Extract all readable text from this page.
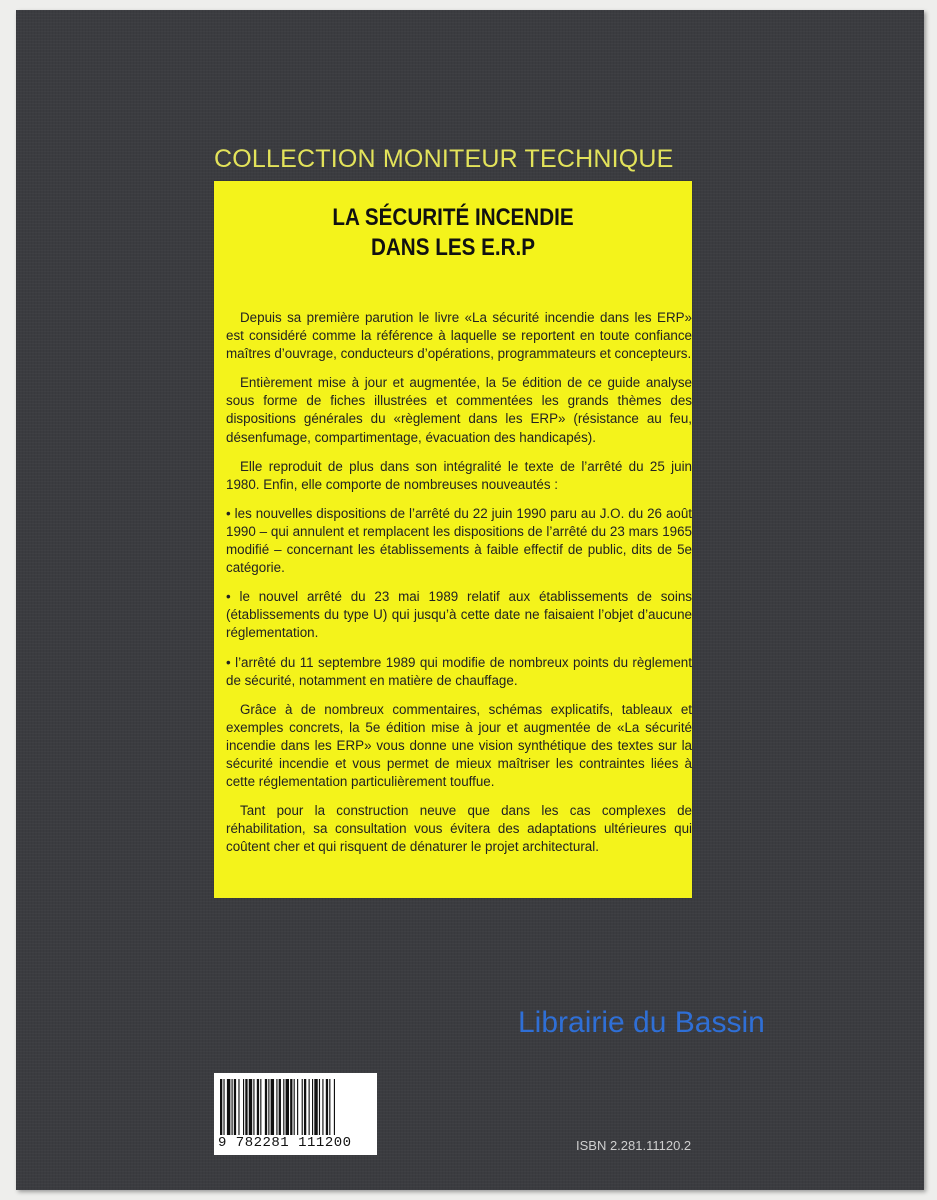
COLLECTION MONITEUR TECHNIQUE
LA SÉCURITÉ INCENDIE
DANS LES E.R.P

Depuis sa première parution le livre «La sécurité incendie dans les ERP» est considéré comme la référence à laquelle se reportent en toute confiance maîtres d’ouvrage, conducteurs d’opérations, programmateurs et concepteurs.

Entièrement mise à jour et augmentée, la 5e édition de ce guide analyse sous forme de fiches illustrées et commentées les grands thèmes des dispositions générales du «règlement dans les ERP» (résistance au feu, désenfumage, compartimentage, évacuation des handicapés).

Elle reproduit de plus dans son intégralité le texte de l’arrêté du 25 juin 1980. Enfin, elle comporte de nombreuses nouveautés :

• les nouvelles dispositions de l’arrêté du 22 juin 1990 paru au J.O. du 26 août 1990 – qui annulent et remplacent les dispositions de l’arrêté du 23 mars 1965 modifié – concernant les établissements à faible effectif de public, dits de 5e catégorie.

• le nouvel arrêté du 23 mai 1989 relatif aux établissements de soins (établissements du type U) qui jusqu’à cette date ne faisaient l’objet d’aucune réglementation.

• l’arrêté du 11 septembre 1989 qui modifie de nombreux points du règlement de sécurité, notamment en matière de chauffage.

Grâce à de nombreux commentaires, schémas explicatifs, tableaux et exemples concrets, la 5e édition mise à jour et augmentée de «La sécurité incendie dans les ERP» vous donne une vision synthétique des textes sur la sécurité incendie et vous permet de mieux maîtriser les contraintes liées à cette réglementation particulièrement touffue.

Tant pour la construction neuve que dans les cas complexes de réhabilitation, sa consultation vous évitera des adaptations ultérieures qui coûtent cher et qui risquent de dénaturer le projet architectural.

Librairie du Bassin
9 782281 111200	ISBN 2.281.11120.2
